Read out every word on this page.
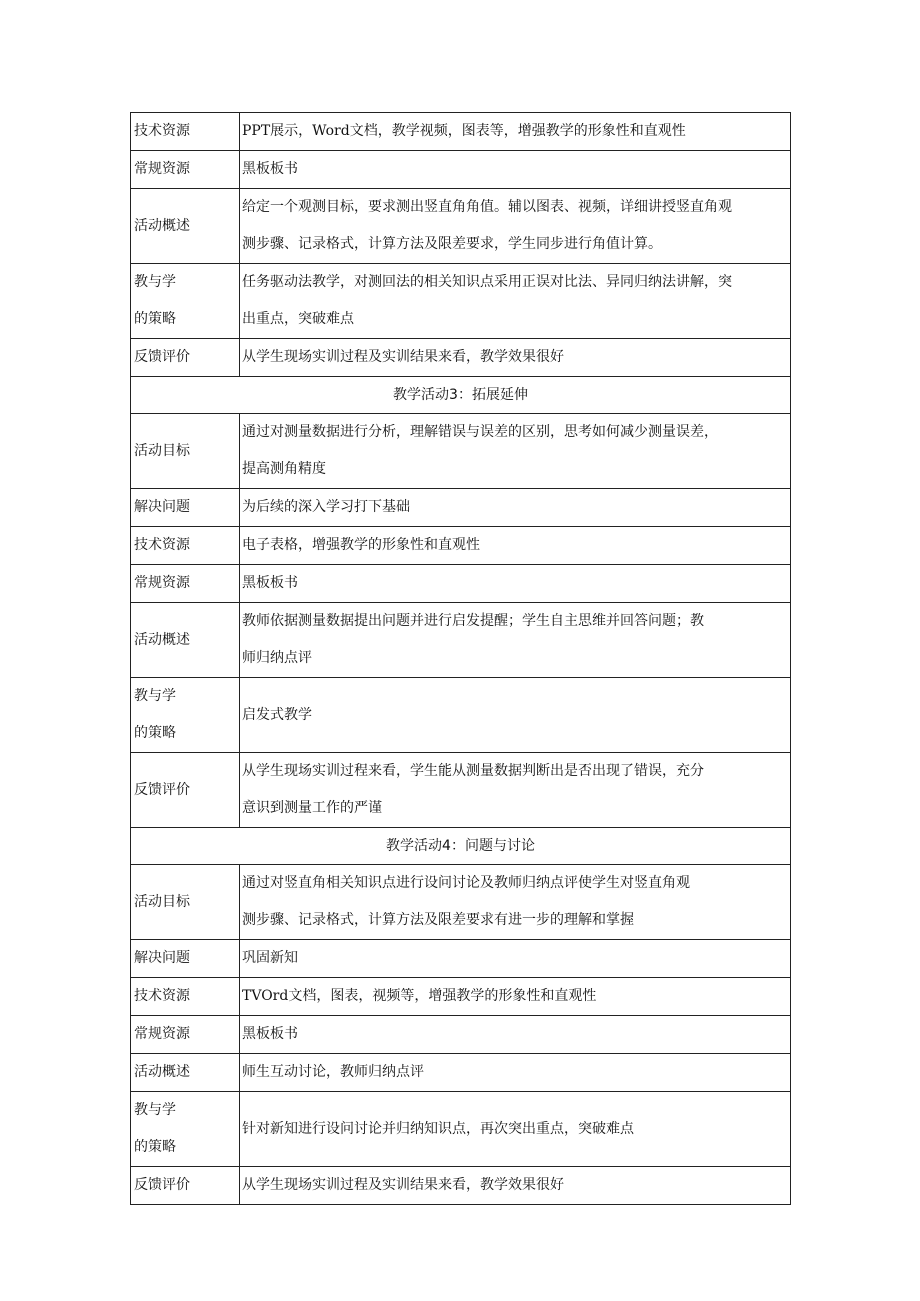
技术资源	PPT展示，Word文档，教学视频，图表等，增强教学的形象性和直观性

常规资源	黑板板书

活动概述	给定一个观测目标，要求测出竖直角角值。辅以图表、视频，详细讲授竖直角观
测步骤、记录格式，计算方法及限差要求，学生同步进行角值计算。

教与学
的策略	任务驱动法教学，对测回法的相关知识点采用正误对比法、异同归纳法讲解，突
出重点，突破难点

反馈评价	从学生现场实训过程及实训结果来看，教学效果很好

教学活动3：拓展延伸	

活动目标	通过对测量数据进行分析，理解错误与误差的区别，思考如何减少测量误差，
提高测角精度

解决问题	为后续的深入学习打下基础

技术资源	电子表格，增强教学的形象性和直观性

常规资源	黑板板书

活动概述	教师依据测量数据提出问题并进行启发提醒；学生自主思维并回答问题；教
师归纳点评

教与学
的策略	启发式教学

反馈评价	从学生现场实训过程来看，学生能从测量数据判断出是否出现了错误，充分
意识到测量工作的严谨

教学活动4：问题与讨论	

活动目标	通过对竖直角相关知识点进行设问讨论及教师归纳点评使学生对竖直角观
测步骤、记录格式，计算方法及限差要求有进一步的理解和掌握

解决问题	巩固新知

技术资源	TVOrd文档，图表，视频等，增强教学的形象性和直观性

常规资源	黑板板书

活动概述	师生互动讨论，教师归纳点评

教与学
的策略	针对新知进行设问讨论并归纳知识点，再次突出重点，突破难点

反馈评价	从学生现场实训过程及实训结果来看，教学效果很好
